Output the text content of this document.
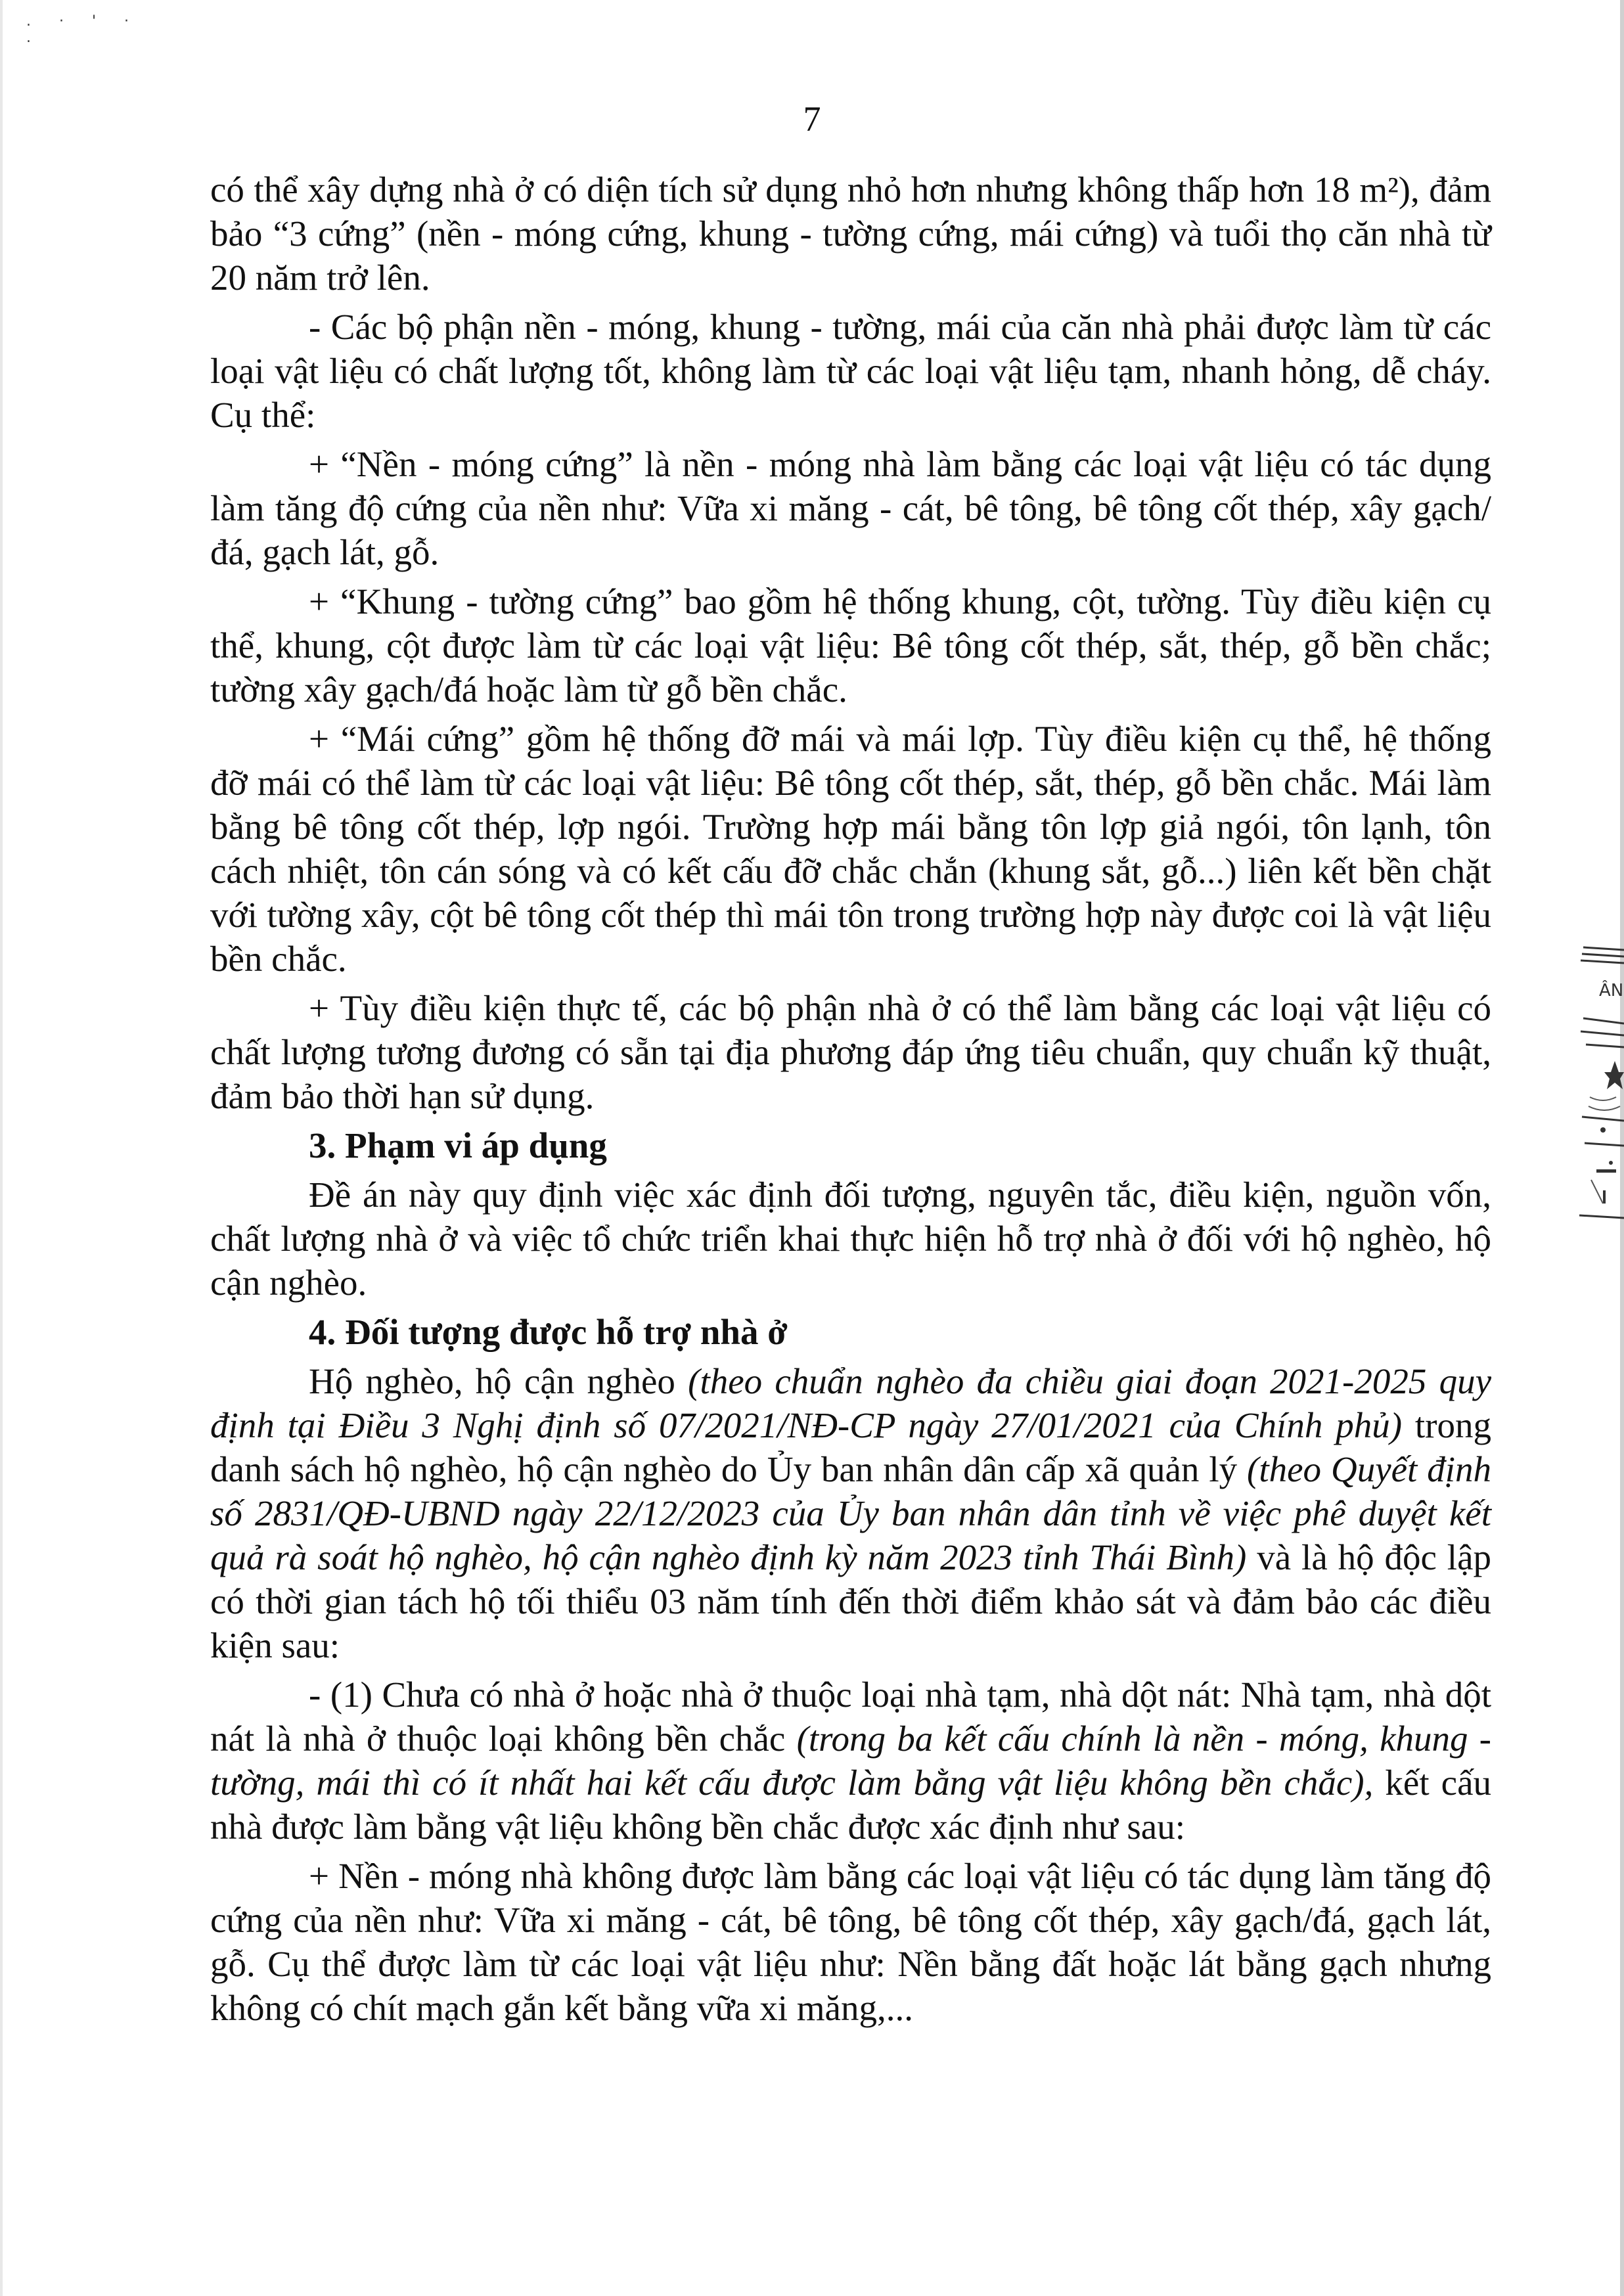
. · ' · .
7

có thể xây dựng nhà ở có diện tích sử dụng nhỏ hơn nhưng không thấp hơn 18 m²), đảm bảo “3 cứng” (nền - móng cứng, khung - tường cứng, mái cứng) và tuổi thọ căn nhà từ 20 năm trở lên.

- Các bộ phận nền - móng, khung - tường, mái của căn nhà phải được làm từ các loại vật liệu có chất lượng tốt, không làm từ các loại vật liệu tạm, nhanh hỏng, dễ cháy. Cụ thể:

+ “Nền - móng cứng” là nền - móng nhà làm bằng các loại vật liệu có tác dụng làm tăng độ cứng của nền như: Vữa xi măng - cát, bê tông, bê tông cốt thép, xây gạch/đá, gạch lát, gỗ.

+ “Khung - tường cứng” bao gồm hệ thống khung, cột, tường. Tùy điều kiện cụ thể, khung, cột được làm từ các loại vật liệu: Bê tông cốt thép, sắt, thép, gỗ bền chắc; tường xây gạch/đá hoặc làm từ gỗ bền chắc.

+ “Mái cứng” gồm hệ thống đỡ mái và mái lợp. Tùy điều kiện cụ thể, hệ thống đỡ mái có thể làm từ các loại vật liệu: Bê tông cốt thép, sắt, thép, gỗ bền chắc. Mái làm bằng bê tông cốt thép, lợp ngói. Trường hợp mái bằng tôn lợp giả ngói, tôn lạnh, tôn cách nhiệt, tôn cán sóng và có kết cấu đỡ chắc chắn (khung sắt, gỗ...) liên kết bền chặt với tường xây, cột bê tông cốt thép thì mái tôn trong trường hợp này được coi là vật liệu bền chắc.

+ Tùy điều kiện thực tế, các bộ phận nhà ở có thể làm bằng các loại vật liệu có chất lượng tương đương có sẵn tại địa phương đáp ứng tiêu chuẩn, quy chuẩn kỹ thuật, đảm bảo thời hạn sử dụng.

3. Phạm vi áp dụng

Đề án này quy định việc xác định đối tượng, nguyên tắc, điều kiện, nguồn vốn, chất lượng nhà ở và việc tổ chức triển khai thực hiện hỗ trợ nhà ở đối với hộ nghèo, hộ cận nghèo.

4. Đối tượng được hỗ trợ nhà ở

Hộ nghèo, hộ cận nghèo (theo chuẩn nghèo đa chiều giai đoạn 2021-2025 quy định tại Điều 3 Nghị định số 07/2021/NĐ-CP ngày 27/01/2021 của Chính phủ) trong danh sách hộ nghèo, hộ cận nghèo do Ủy ban nhân dân cấp xã quản lý (theo Quyết định số 2831/QĐ-UBND ngày 22/12/2023 của Ủy ban nhân dân tỉnh về việc phê duyệt kết quả rà soát hộ nghèo, hộ cận nghèo định kỳ năm 2023 tỉnh Thái Bình) và là hộ độc lập có thời gian tách hộ tối thiểu 03 năm tính đến thời điểm khảo sát và đảm bảo các điều kiện sau:

- (1) Chưa có nhà ở hoặc nhà ở thuộc loại nhà tạm, nhà dột nát: Nhà tạm, nhà dột nát là nhà ở thuộc loại không bền chắc (trong ba kết cấu chính là nền - móng, khung - tường, mái thì có ít nhất hai kết cấu được làm bằng vật liệu không bền chắc), kết cấu nhà được làm bằng vật liệu không bền chắc được xác định như sau:

+ Nền - móng nhà không được làm bằng các loại vật liệu có tác dụng làm tăng độ cứng của nền như: Vữa xi măng - cát, bê tông, bê tông cốt thép, xây gạch/đá, gạch lát, gỗ. Cụ thể được làm từ các loại vật liệu như: Nền bằng đất hoặc lát bằng gạch nhưng không có chít mạch gắn kết bằng vữa xi măng,...

ÂN
